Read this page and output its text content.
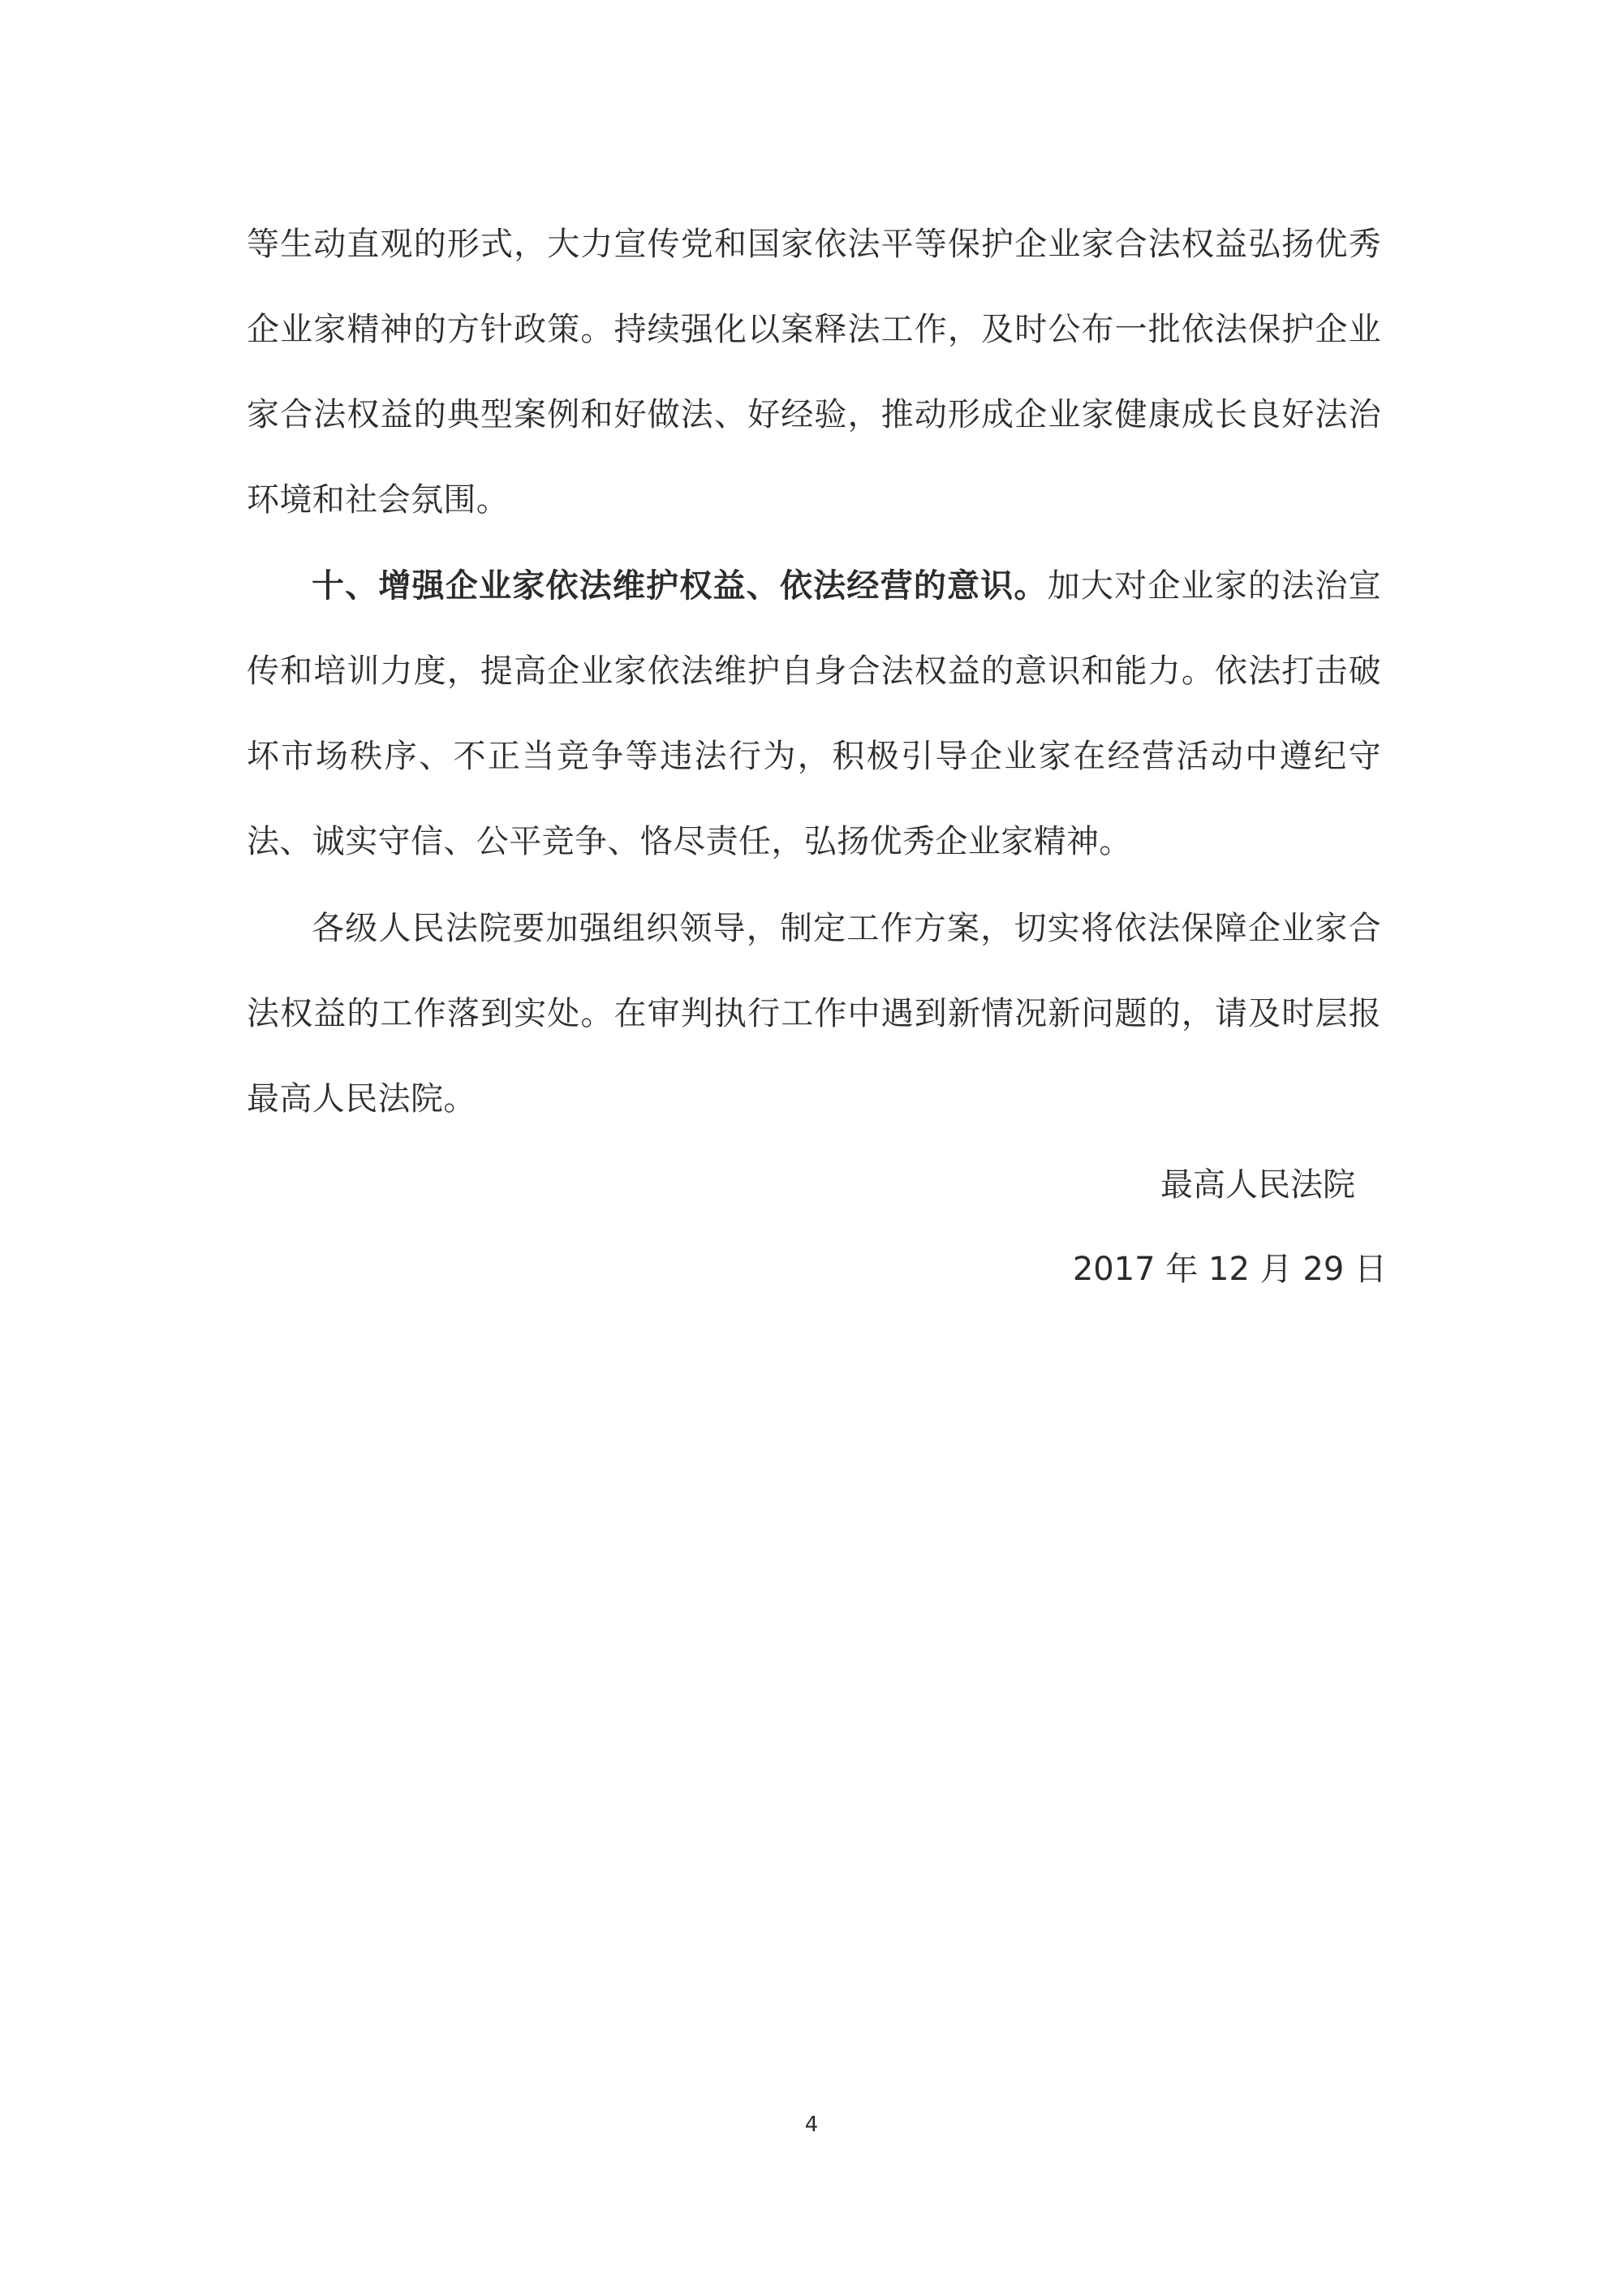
等生动直观的形式，大力宣传党和国家依法平等保护企业家合法权益弘扬优秀企业家精神的方针政策。持续强化以案释法工作，及时公布一批依法保护企业家合法权益的典型案例和好做法、好经验，推动形成企业家健康成长良好法治环境和社会氛围。

十、增强企业家依法维护权益、依法经营的意识。加大对企业家的法治宣传和培训力度，提高企业家依法维护自身合法权益的意识和能力。依法打击破坏市场秩序、不正当竞争等违法行为，积极引导企业家在经营活动中遵纪守法、诚实守信、公平竞争、恪尽责任，弘扬优秀企业家精神。

各级人民法院要加强组织领导，制定工作方案，切实将依法保障企业家合法权益的工作落到实处。在审判执行工作中遇到新情况新问题的，请及时层报最高人民法院。

最高人民法院

2017 年 12 月 29 日

4
